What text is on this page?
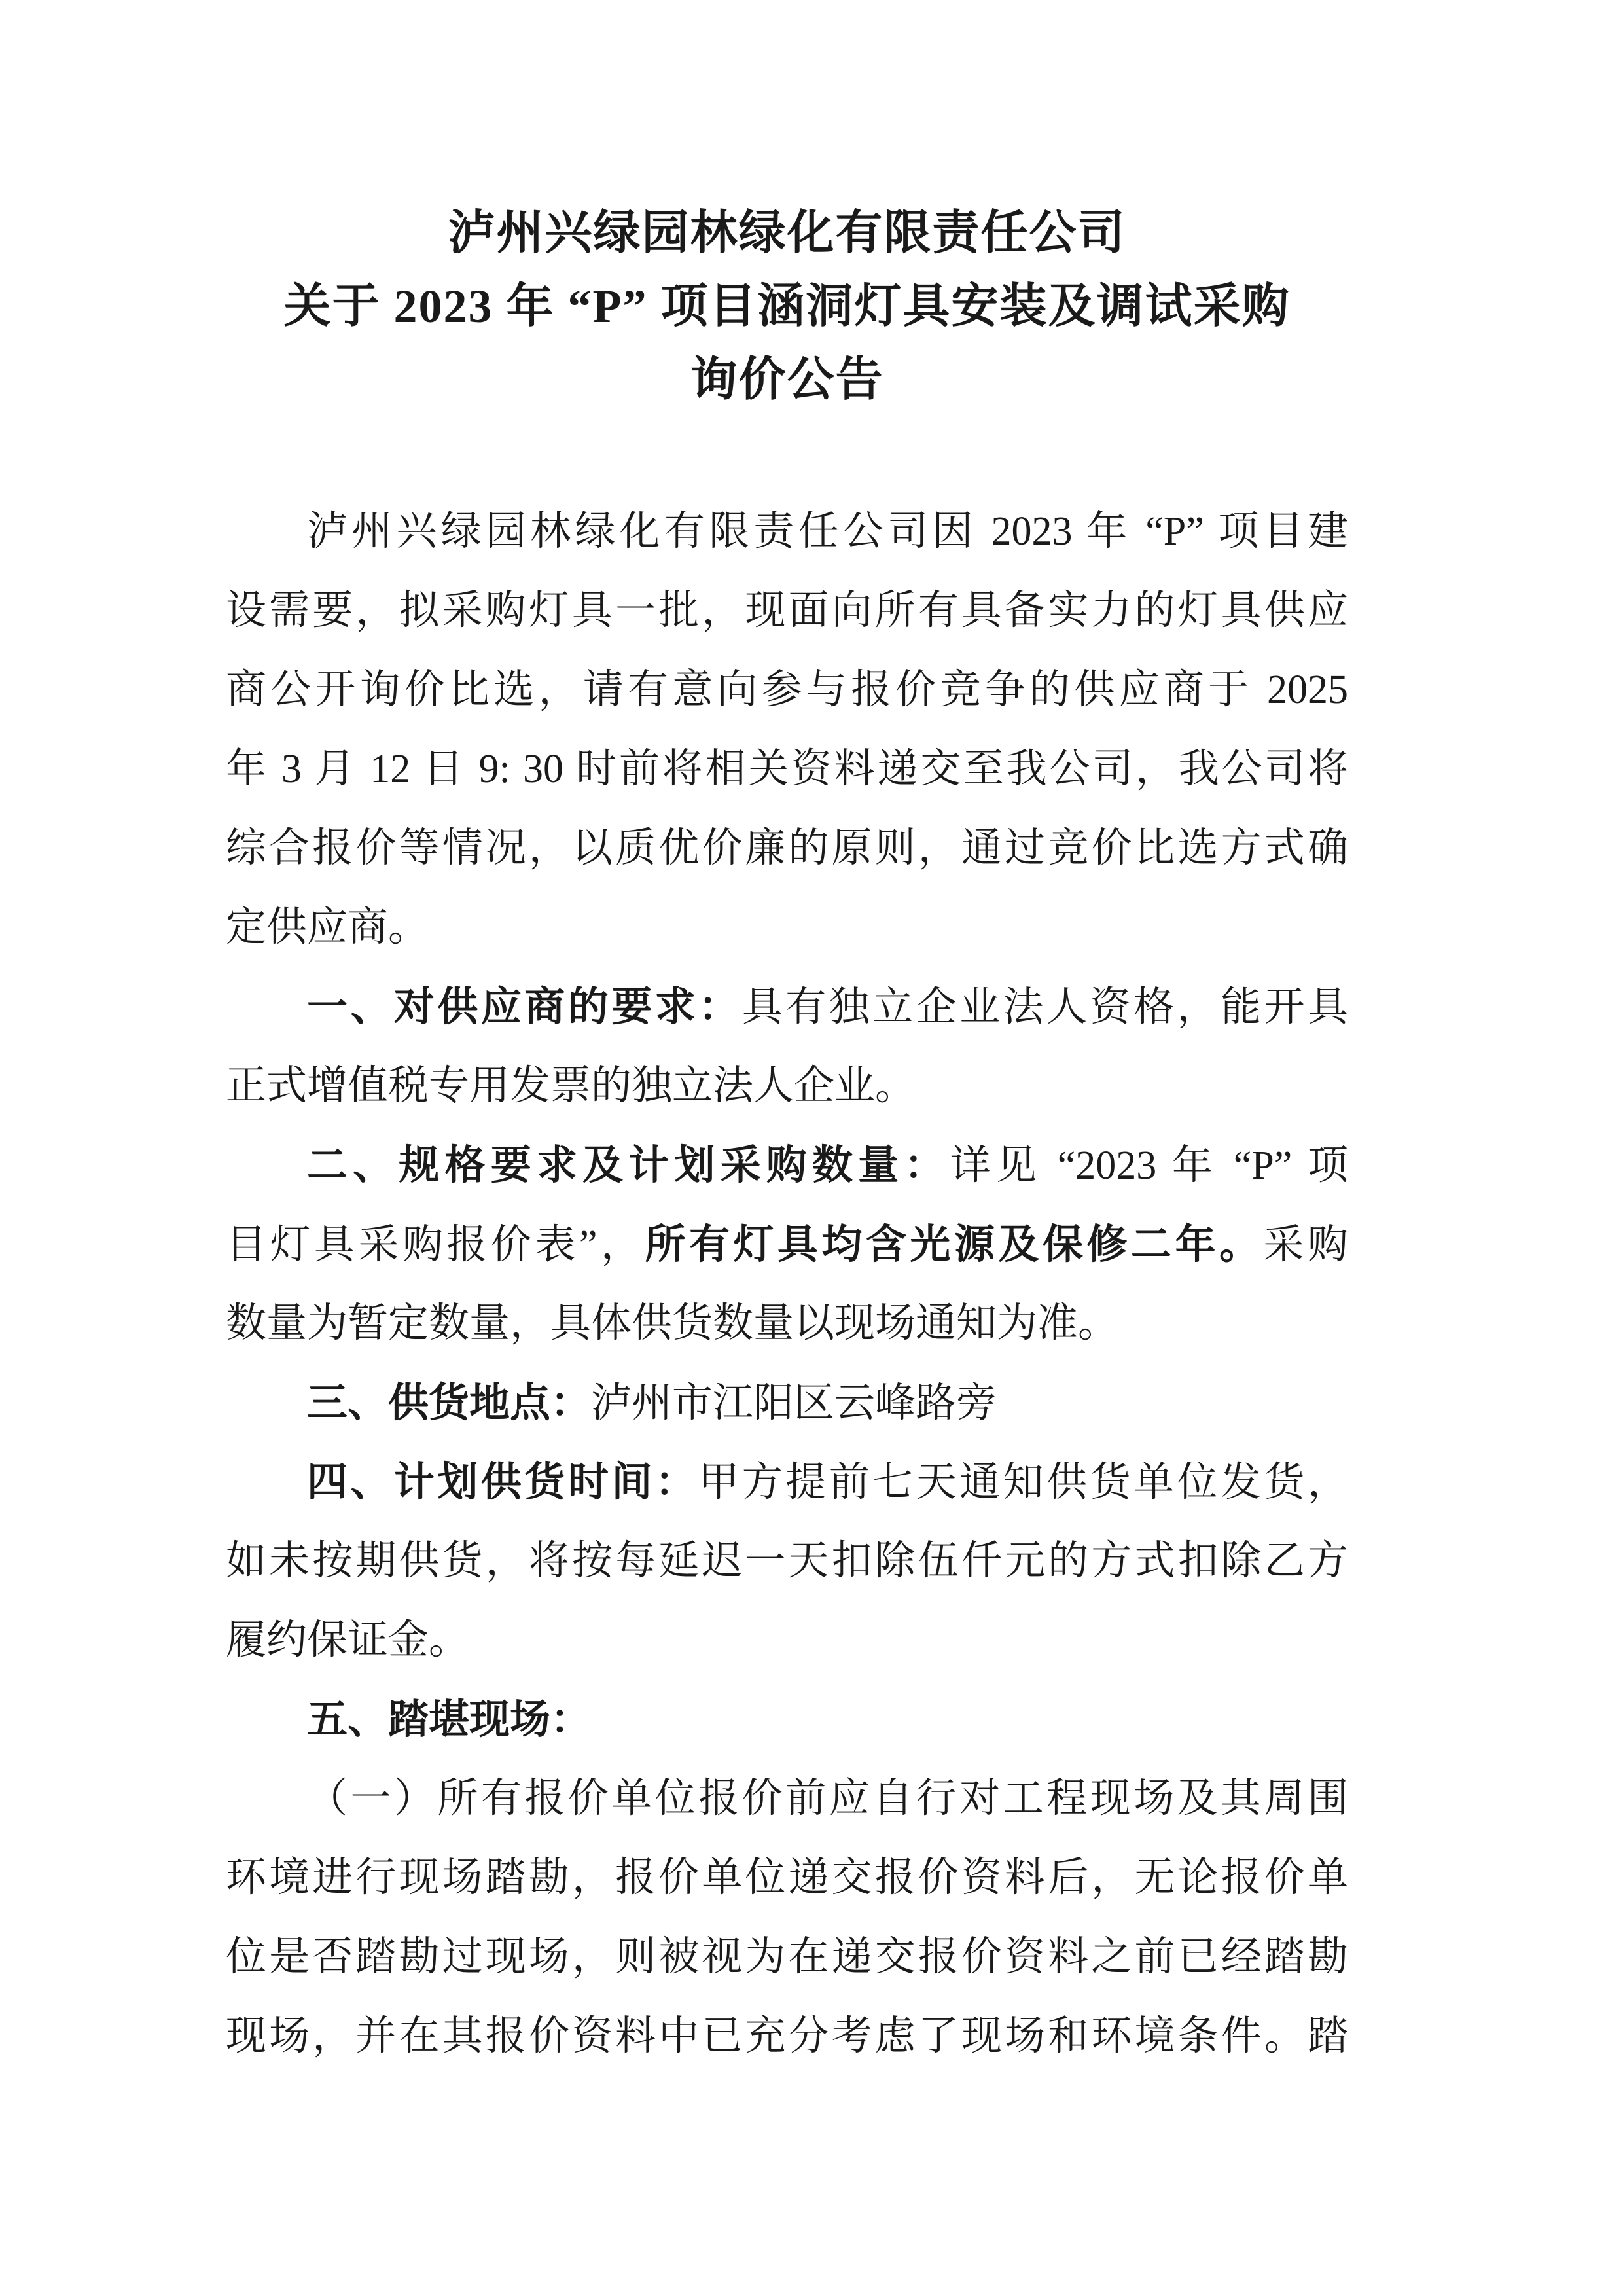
泸州兴绿园林绿化有限责任公司
关于 2023 年 “P” 项目涵洞灯具安装及调试采购
询价公告
泸州兴绿园林绿化有限责任公司因 2023 年 “P” 项目建
设需要，拟采购灯具一批，现面向所有具备实力的灯具供应
商公开询价比选，请有意向参与报价竞争的供应商于 2025
年 3 月 12 日 9: 30 时前将相关资料递交至我公司，我公司将
综合报价等情况，以质优价廉的原则，通过竞价比选方式确
定供应商。
一、对供应商的要求：具有独立企业法人资格，能开具
正式增值税专用发票的独立法人企业。
二、规格要求及计划采购数量：详见 “2023 年 “P” 项
目灯具采购报价表”，所有灯具均含光源及保修二年。采购
数量为暂定数量，具体供货数量以现场通知为准。
三、供货地点：泸州市江阳区云峰路旁
四、计划供货时间：甲方提前七天通知供货单位发货，
如未按期供货，将按每延迟一天扣除伍仟元的方式扣除乙方
履约保证金。
五、踏堪现场：
（一）所有报价单位报价前应自行对工程现场及其周围
环境进行现场踏勘，报价单位递交报价资料后，无论报价单
位是否踏勘过现场，则被视为在递交报价资料之前已经踏勘
现场，并在其报价资料中已充分考虑了现场和环境条件。踏
